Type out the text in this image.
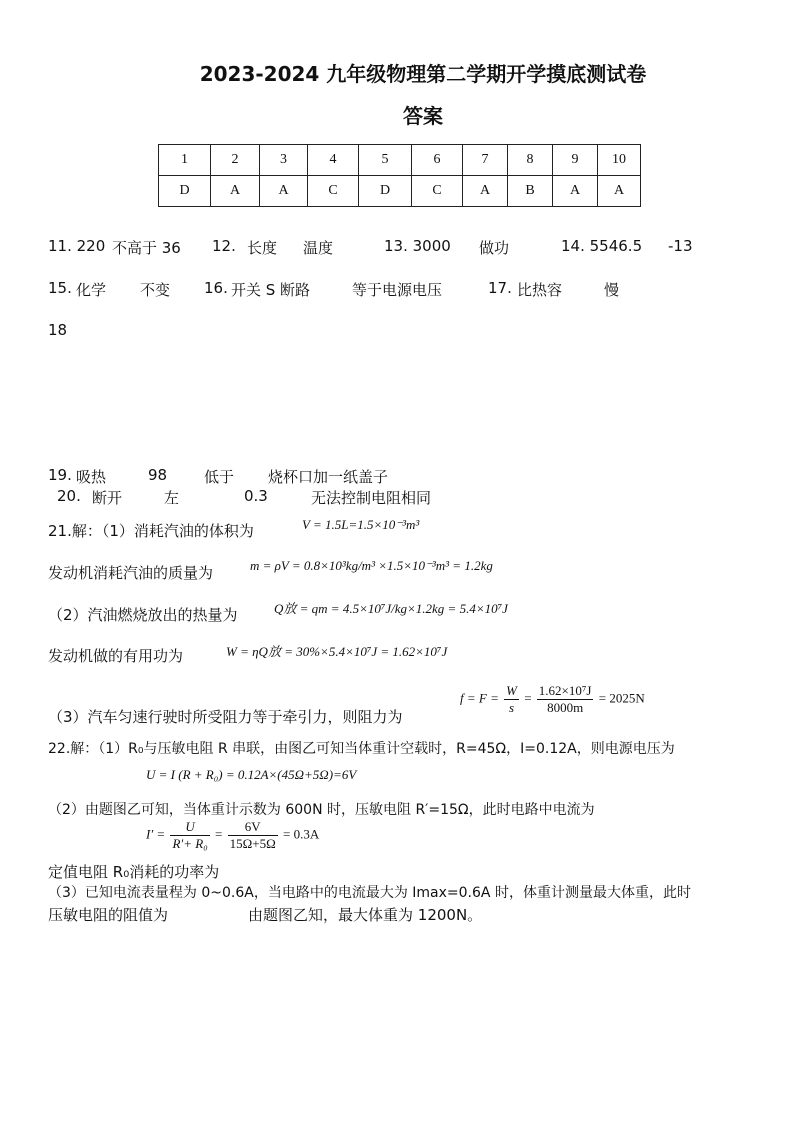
2023-2024 九年级物理第二学期开学摸底测试卷
答案
1	2	3	4	5	6	7	8	9	10
D	A	A	C	D	C	A	B	A	A
11. 220 不高于 36 12. 长度 温度	13. 3000 做功	14. 5546.5 -13
15. 化学 不变 16. 开关 S 断路	等于电源电压	17. 比热容	慢
18
19. 吸热	98 低于 烧杯口加一纸盖子
20. 断开	左	0.3	无法控制电阻相同
21.解：（1）消耗汽油的体积为	V = 1.5L=1.5×10⁻³m³
发动机消耗汽油的质量为	m = ρV = 0.8×10³kg/m³ ×1.5×10⁻³m³ = 1.2kg
（2）汽油燃烧放出的热量为	Q放 = qm = 4.5×10⁷J/kg×1.2kg = 5.4×10⁷J
发动机做的有用功为	W = ηQ放 = 30%×5.4×10⁷J = 1.62×10⁷J
（3）汽车匀速行驶时所受阻力等于牵引力，则阻力为
$f = F = \frac{W}{s} = \frac{\text{1.62×10⁷J}}{8000m} = 2025N$
22.解：（1）R₀与压敏电阻 R 串联，由图乙可知当体重计空载时，R=45Ω，I=0.12A，则电源电压为
U = I (R + R₀) = 0.12A×(45Ω+5Ω)=6V
（2）由题图乙可知，当体重计示数为 600N 时，压敏电阻 R′=15Ω，此时电路中电流为
$I' = \frac{U}{\text{R′+ R₀}} = \frac{6V}{15\Omega+5\Omega} = 0.3A$
定值电阻 R₀消耗的功率为
（3）已知电流表量程为 0~0.6A，当电路中的电流最大为 Imax=0.6A 时，体重计测量最大体重，此时
压敏电阻的阻值为	由题图乙知，最大体重为 1200N。
